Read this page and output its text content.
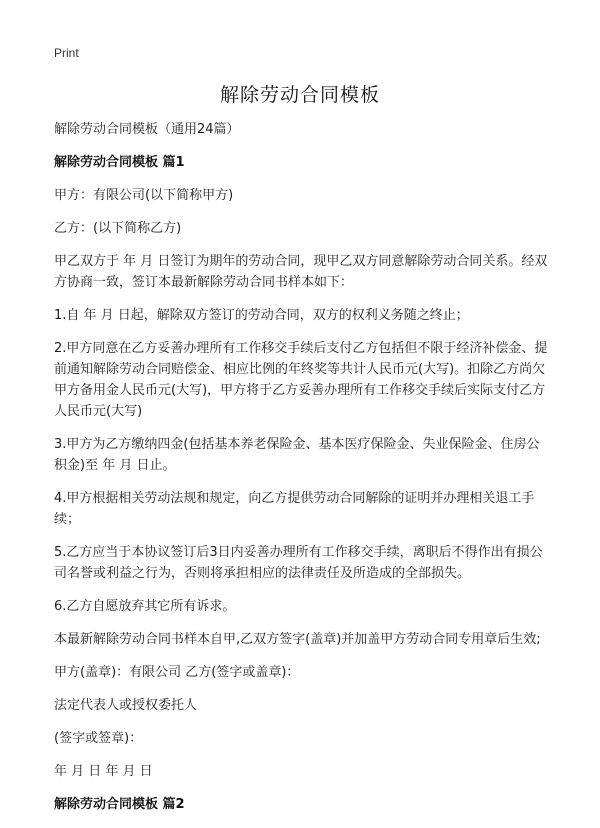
Print
解除劳动合同模板

解除劳动合同模板（通用24篇）

解除劳动合同模板 篇1

甲方：有限公司(以下简称甲方)

乙方：(以下简称乙方)

甲乙双方于 年 月 日签订为期年的劳动合同，现甲乙双方同意解除劳动合同关系。经双方协商一致，签订本最新解除劳动合同书样本如下：

1.自 年 月 日起，解除双方签订的劳动合同，双方的权利义务随之终止；

2.甲方同意在乙方妥善办理所有工作移交手续后支付乙方包括但不限于经济补偿金、提前通知解除劳动合同赔偿金、相应比例的年终奖等共计人民币元(大写)。扣除乙方尚欠甲方备用金人民币元(大写)，甲方将于乙方妥善办理所有工作移交手续后实际支付乙方人民币元(大写)

3.甲方为乙方缴纳四金(包括基本养老保险金、基本医疗保险金、失业保险金、住房公积金)至 年 月 日止。

4.甲方根据相关劳动法规和规定，向乙方提供劳动合同解除的证明并办理相关退工手续；

5.乙方应当于本协议签订后3日内妥善办理所有工作移交手续，离职后不得作出有损公司名誉或利益之行为，否则将承担相应的法律责任及所造成的全部损失。

6.乙方自愿放弃其它所有诉求。

本最新解除劳动合同书样本自甲,乙双方签字(盖章)并加盖甲方劳动合同专用章后生效;

甲方(盖章)：有限公司 乙方(签字或盖章)：

法定代表人或授权委托人

(签字或签章)：

年 月 日 年 月 日

解除劳动合同模板 篇2
